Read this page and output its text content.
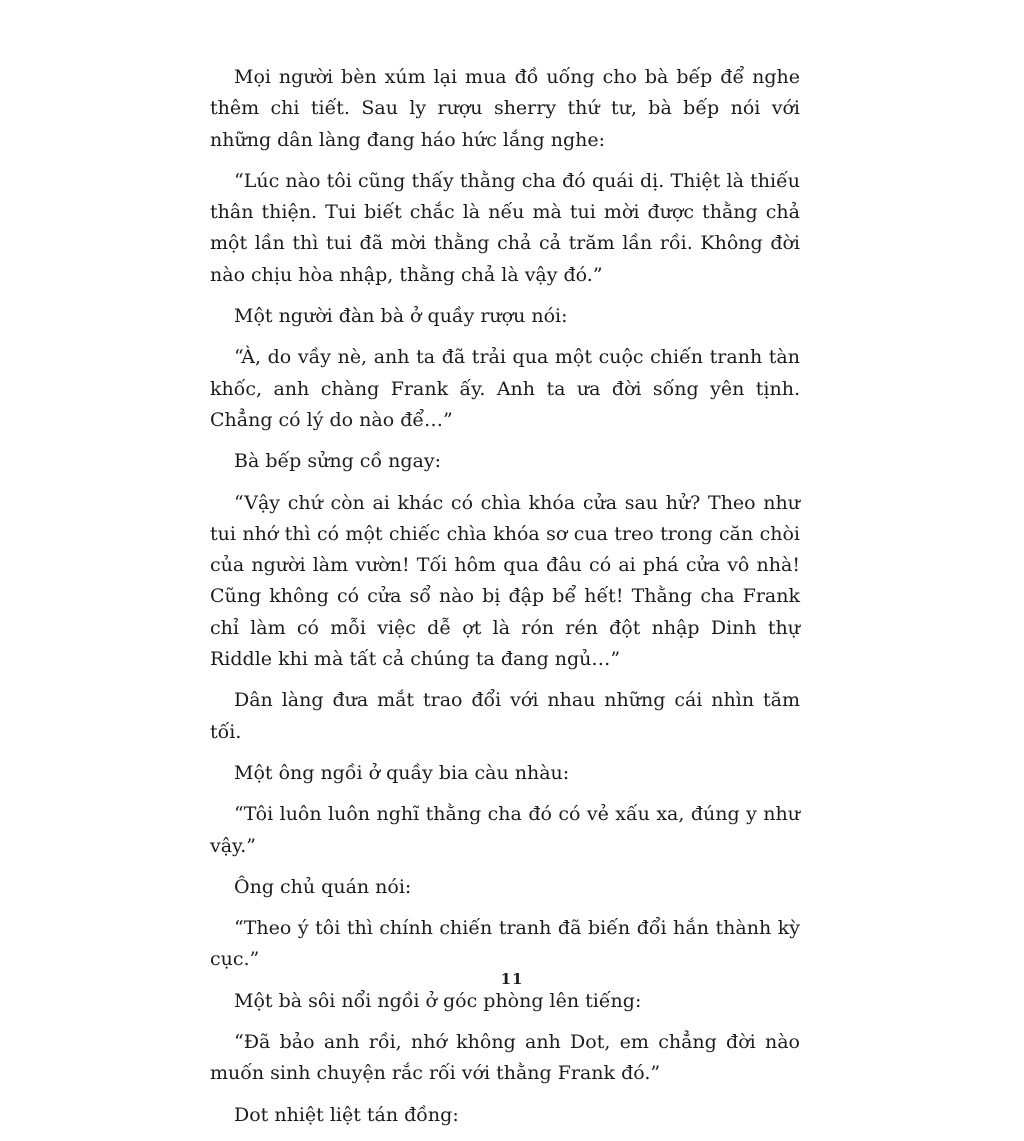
Mọi người bèn xúm lại mua đồ uống cho bà bếp để nghe thêm chi tiết. Sau ly rượu sherry thứ tư, bà bếp nói với những dân làng đang háo hức lắng nghe:

“Lúc nào tôi cũng thấy thằng cha đó quái dị. Thiệt là thiếu thân thiện. Tui biết chắc là nếu mà tui mời được thằng chả một lần thì tui đã mời thằng chả cả trăm lần rồi. Không đời nào chịu hòa nhập, thằng chả là vậy đó.”

Một người đàn bà ở quầy rượu nói:

“À, do vầy nè, anh ta đã trải qua một cuộc chiến tranh tàn khốc, anh chàng Frank ấy. Anh ta ưa đời sống yên tịnh. Chẳng có lý do nào để…”

Bà bếp sửng cồ ngay:

“Vậy chứ còn ai khác có chìa khóa cửa sau hử? Theo như tui nhớ thì có một chiếc chìa khóa sơ cua treo trong căn chòi của người làm vườn! Tối hôm qua đâu có ai phá cửa vô nhà! Cũng không có cửa sổ nào bị đập bể hết! Thằng cha Frank chỉ làm có mỗi việc dễ ợt là rón rén đột nhập Dinh thự Riddle khi mà tất cả chúng ta đang ngủ…”

Dân làng đưa mắt trao đổi với nhau những cái nhìn tăm tối.

Một ông ngồi ở quầy bia càu nhàu:

“Tôi luôn luôn nghĩ thằng cha đó có vẻ xấu xa, đúng y như vậy.”

Ông chủ quán nói:

“Theo ý tôi thì chính chiến tranh đã biến đổi hắn thành kỳ cục.”

Một bà sôi nổi ngồi ở góc phòng lên tiếng:

“Đã bảo anh rồi, nhớ không anh Dot, em chẳng đời nào muốn sinh chuyện rắc rối với thằng Frank đó.”

Dot nhiệt liệt tán đồng:

11
